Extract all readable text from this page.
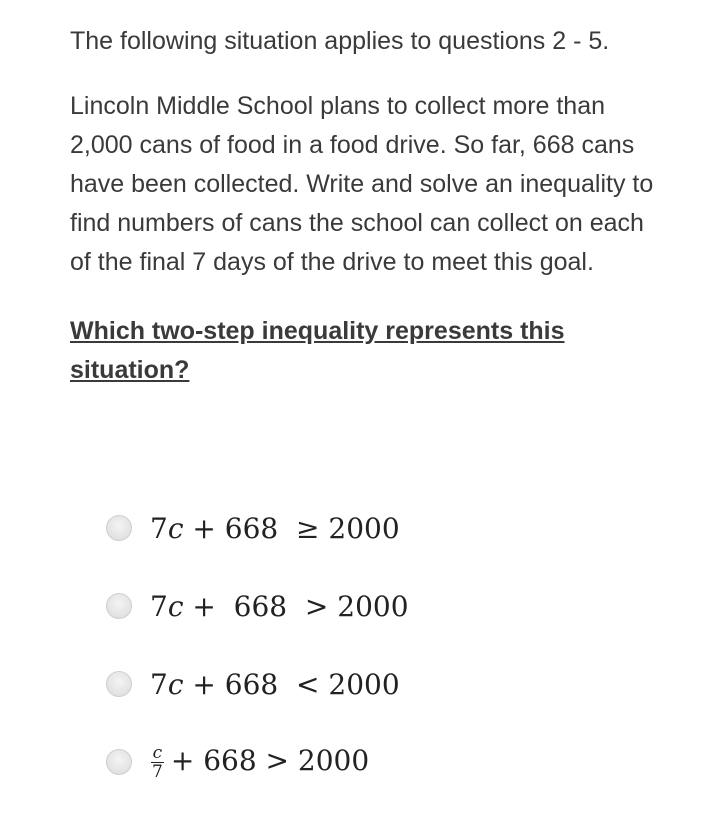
The following situation applies to questions 2 - 5.

Lincoln Middle School plans to collect more than 2,000 cans of food in a food drive. So far, 668 cans have been collected. Write and solve an inequality to find numbers of cans the school can collect on each of the final 7 days of the drive to meet this goal.

Which two-step inequality represents this situation?

7c + 668  ≥ 2000
7c +  668  > 2000
7c + 668  < 2000
$\frac{c}{7} + 668 > 2000$
